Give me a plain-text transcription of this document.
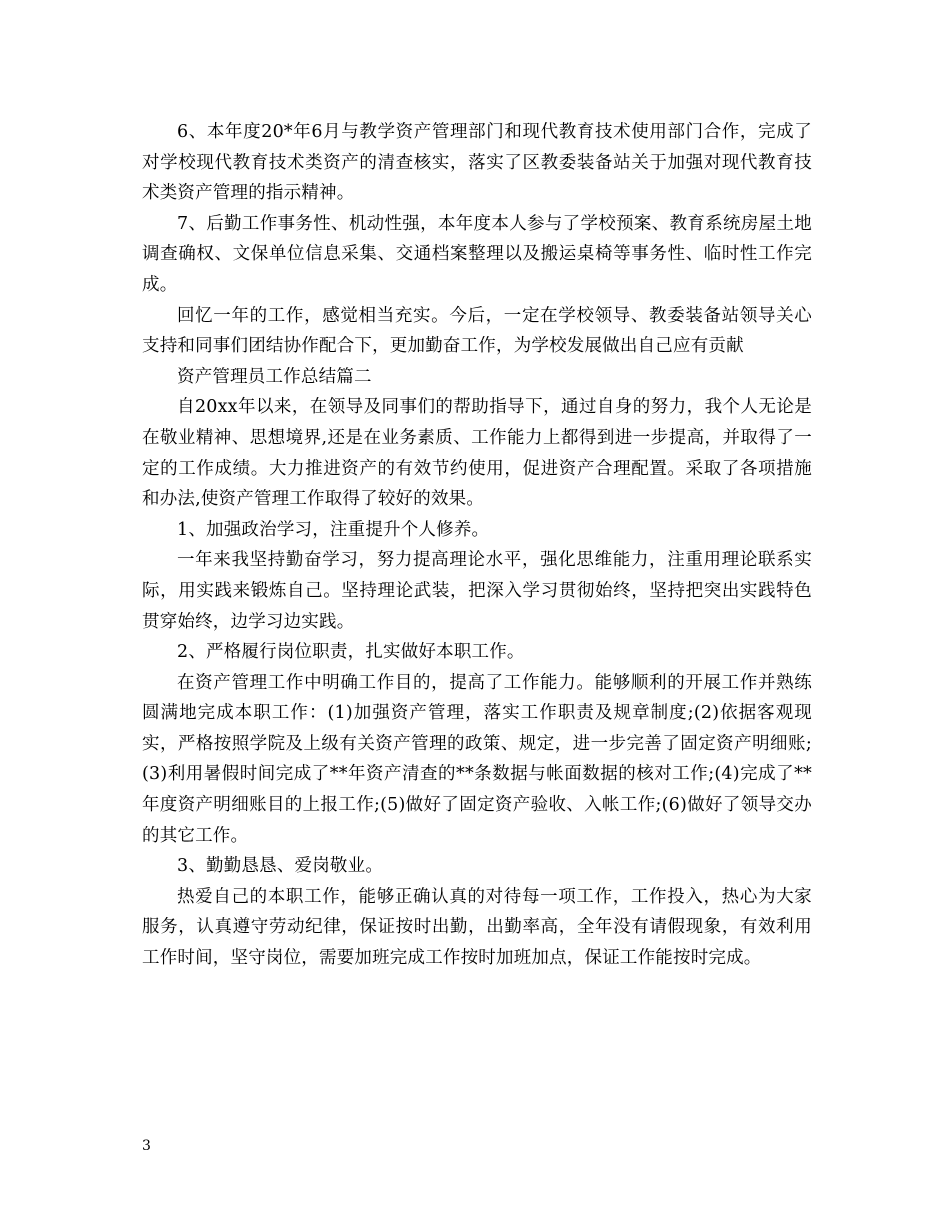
6、本年度20*年6月与教学资产管理部门和现代教育技术使用部门合作，完成了对学校现代教育技术类资产的清查核实，落实了区教委装备站关于加强对现代教育技术类资产管理的指示精神。

7、后勤工作事务性、机动性强，本年度本人参与了学校预案、教育系统房屋土地调查确权、文保单位信息采集、交通档案整理以及搬运桌椅等事务性、临时性工作完成。

回忆一年的工作，感觉相当充实。今后，一定在学校领导、教委装备站领导关心支持和同事们团结协作配合下，更加勤奋工作，为学校发展做出自己应有贡献

资产管理员工作总结篇二

自20xx年以来，在领导及同事们的帮助指导下，通过自身的努力，我个人无论是在敬业精神、思想境界,还是在业务素质、工作能力上都得到进一步提高，并取得了一定的工作成绩。大力推进资产的有效节约使用，促进资产合理配置。采取了各项措施和办法,使资产管理工作取得了较好的效果。

1、加强政治学习，注重提升个人修养。

一年来我坚持勤奋学习，努力提高理论水平，强化思维能力，注重用理论联系实际，用实践来锻炼自己。坚持理论武装，把深入学习贯彻始终，坚持把突出实践特色贯穿始终，边学习边实践。

2、严格履行岗位职责，扎实做好本职工作。

在资产管理工作中明确工作目的，提高了工作能力。能够顺利的开展工作并熟练圆满地完成本职工作：(1)加强资产管理，落实工作职责及规章制度;(2)依据客观现实，严格按照学院及上级有关资产管理的政策、规定，进一步完善了固定资产明细账;(3)利用暑假时间完成了**年资产清查的**条数据与帐面数据的核对工作;(4)完成了**年度资产明细账目的上报工作;(5)做好了固定资产验收、入帐工作;(6)做好了领导交办的其它工作。

3、勤勤恳恳、爱岗敬业。

热爱自己的本职工作，能够正确认真的对待每一项工作，工作投入，热心为大家服务，认真遵守劳动纪律，保证按时出勤，出勤率高，全年没有请假现象，有效利用工作时间，坚守岗位，需要加班完成工作按时加班加点，保证工作能按时完成。

3
